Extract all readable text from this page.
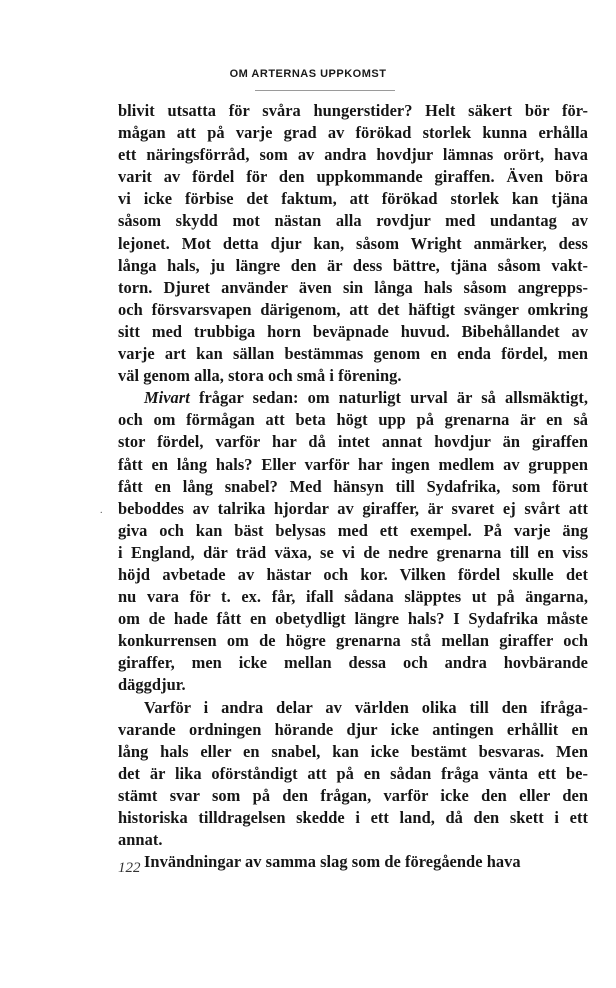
OM ARTERNAS UPPKOMST
blivit utsatta för svåra hungerstider? Helt säkert bör för-
mågan att på varje grad av förökad storlek kunna erhålla
ett näringsförråd, som av andra hovdjur lämnas orört, hava
varit av fördel för den uppkommande giraffen. Även böra
vi icke förbise det faktum, att förökad storlek kan tjäna
såsom skydd mot nästan alla rovdjur med undantag av
lejonet. Mot detta djur kan, såsom Wright anmärker, dess
långa hals, ju längre den är dess bättre, tjäna såsom vakt-
torn. Djuret använder även sin långa hals såsom angrepps-
och försvarsvapen därigenom, att det häftigt svänger omkring
sitt med trubbiga horn beväpnade huvud. Bibehållandet av
varje art kan sällan bestämmas genom en enda fördel, men
väl genom alla, stora och små i förening.
Mivart frågar sedan: om naturligt urval är så allsmäktigt,
och om förmågan att beta högt upp på grenarna är en så
stor fördel, varför har då intet annat hovdjur än giraffen
fått en lång hals? Eller varför har ingen medlem av gruppen
fått en lång snabel? Med hänsyn till Sydafrika, som förut
beboddes av talrika hjordar av giraffer, är svaret ej svårt att
giva och kan bäst belysas med ett exempel. På varje äng
i England, där träd växa, se vi de nedre grenarna till en viss
höjd avbetade av hästar och kor. Vilken fördel skulle det
nu vara för t. ex. får, ifall sådana släpptes ut på ängarna,
om de hade fått en obetydligt längre hals? I Sydafrika måste
konkurrensen om de högre grenarna stå mellan giraffer och
giraffer, men icke mellan dessa och andra hovbärande
däggdjur.
Varför i andra delar av världen olika till den ifråga-
varande ordningen hörande djur icke antingen erhållit en
lång hals eller en snabel, kan icke bestämt besvaras. Men
det är lika oförståndigt att på en sådan fråga vänta ett be-
stämt svar som på den frågan, varför icke den eller den
historiska tilldragelsen skedde i ett land, då den skett i ett
annat.
Invändningar av samma slag som de föregående hava
.
122
